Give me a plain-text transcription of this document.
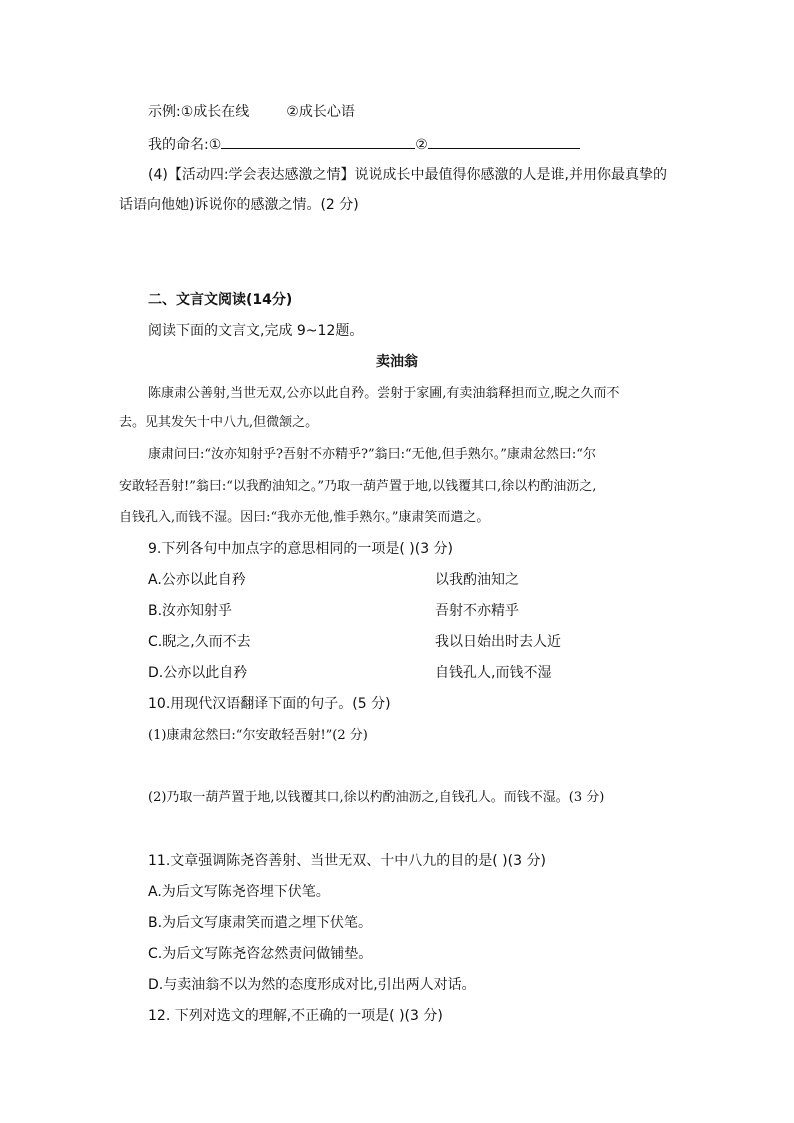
示例:①成长在线	②成长心语
我的命名:①	②
(4)【活动四:学会表达感激之情】说说成长中最值得你感激的人是谁,并用你最真挚的
话语向他她)诉说你的感激之情。(2 分)
二、文言文阅读(14分)
阅读下面的文言文,完成 9~12题。
卖油翁
陈康肃公善射,当世无双,公亦以此自矜。尝射于家圃,有卖油翁释担而立,睨之久而不
去。见其发矢十中八九,但微颔之。
康肃问曰:“汝亦知射乎?吾射不亦精乎?”翁曰:“无他,但手熟尔。”康肃忿然曰:“尔
安敢轻吾射!”翁曰:“以我酌油知之。”乃取一葫芦置于地,以钱覆其口,徐以杓酌油沥之,
自钱孔入,而钱不湿。因曰:“我亦无他,惟手熟尔。”康肃笑而遣之。
9.下列各句中加点字的意思相同的一项是( )(3 分)
A.公亦以此自矜	以我酌油知之
B.汝亦知射乎	吾射不亦精乎
C.睨之,久而不去	我以日始出时去人近
D.公亦以此自矜	自钱孔人,而钱不湿
10.用现代汉语翻译下面的句子。(5 分)
(1)康肃忿然曰:“尔安敢轻吾射!”(2 分)
(2)乃取一葫芦置于地,以钱覆其口,徐以杓酌油沥之,自钱孔人。而钱不湿。(3 分)
11.文章强调陈尧咨善射、当世无双、十中八九的目的是( )(3 分)
A.为后文写陈尧咨埋下伏笔。
B.为后文写康肃笑而遣之埋下伏笔。
C.为后文写陈尧咨忿然责问做铺垫。
D.与卖油翁不以为然的态度形成对比,引出两人对话。
12. 下列对选文的理解,不正确的一项是( )(3 分)
